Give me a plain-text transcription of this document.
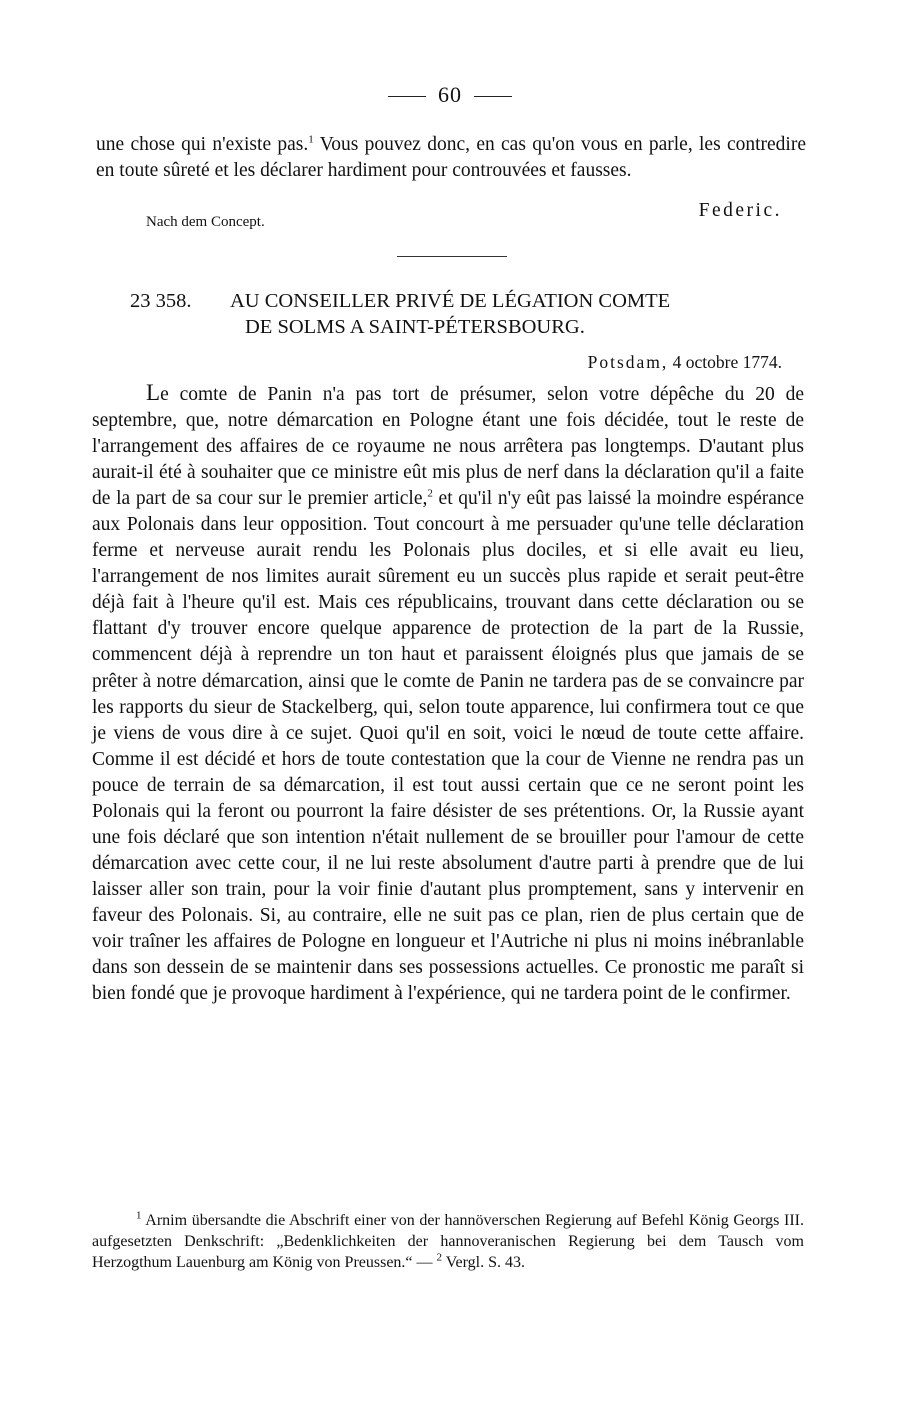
60
une chose qui n'existe pas.$^1$ Vous pouvez donc, en cas qu'on vous en parle, les contredire en toute sûreté et les déclarer hardiment pour controuvées et fausses.
Federic.
Nach dem Concept.
23 358. AU CONSEILLER PRIVÉ DE LÉGATION COMTE
DE SOLMS A SAINT-PÉTERSBOURG.
Potsdam, 4 octobre 1774.

Le comte de Panin n'a pas tort de présumer, selon votre dépêche du 20 de septembre, que, notre démarcation en Pologne étant une fois décidée, tout le reste de l'arrangement des affaires de ce royaume ne nous arrêtera pas longtemps. D'autant plus aurait-il été à souhaiter que ce ministre eût mis plus de nerf dans la déclaration qu'il a faite de la part de sa cour sur le premier article,$^2$ et qu'il n'y eût pas laissé la moindre espérance aux Polonais dans leur opposition. Tout concourt à me persuader qu'une telle déclaration ferme et nerveuse aurait rendu les Polonais plus dociles, et si elle avait eu lieu, l'arrangement de nos limites aurait sûrement eu un succès plus rapide et serait peut-être déjà fait à l'heure qu'il est. Mais ces républicains, trouvant dans cette déclaration ou se flattant d'y trouver encore quelque apparence de protection de la part de la Russie, commencent déjà à reprendre un ton haut et paraissent éloignés plus que jamais de se prêter à notre démarcation, ainsi que le comte de Panin ne tardera pas de se convaincre par les rapports du sieur de Stackelberg, qui, selon toute apparence, lui confirmera tout ce que je viens de vous dire à ce sujet. Quoi qu'il en soit, voici le nœud de toute cette affaire. Comme il est décidé et hors de toute contestation que la cour de Vienne ne rendra pas un pouce de terrain de sa démarcation, il est tout aussi certain que ce ne seront point les Polonais qui la feront ou pourront la faire désister de ses prétentions. Or, la Russie ayant une fois déclaré que son intention n'était nullement de se brouiller pour l'amour de cette démarcation avec cette cour, il ne lui reste absolument d'autre parti à prendre que de lui laisser aller son train, pour la voir finie d'autant plus promptement, sans y intervenir en faveur des Polonais. Si, au contraire, elle ne suit pas ce plan, rien de plus certain que de voir traîner les affaires de Pologne en longueur et l'Autriche ni plus ni moins inébranlable dans son dessein de se maintenir dans ses possessions actuelles. Ce pronostic me paraît si bien fondé que je provoque hardiment à l'expérience, qui ne tardera point de le confirmer.

$^1$ Arnim übersandte die Abschrift einer von der hannöverschen Regierung auf Befehl König Georgs III. aufgesetzten Denkschrift: „Bedenklichkeiten der hannoveranischen Regierung bei dem Tausch vom Herzogthum Lauenburg am König von Preussen.“ — $^2$ Vergl. S. 43.
